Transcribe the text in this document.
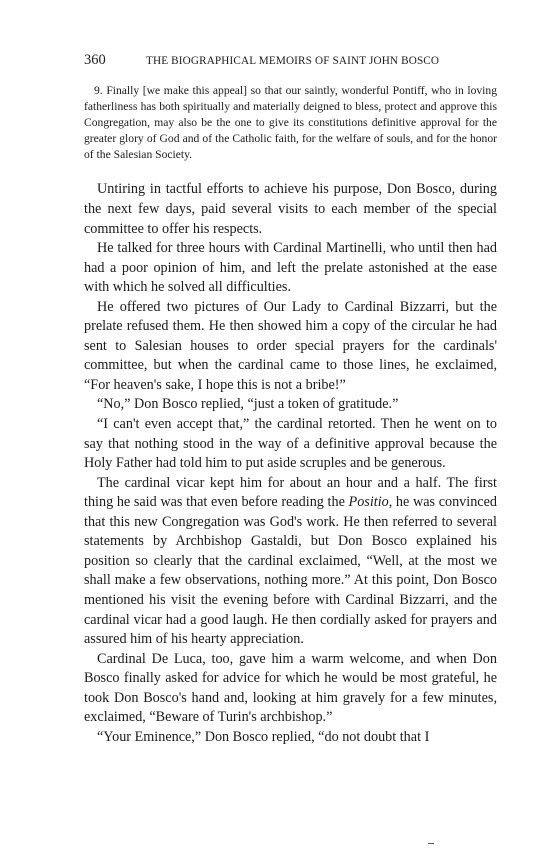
360	THE BIOGRAPHICAL MEMOIRS OF SAINT JOHN BOSCO

9. Finally [we make this appeal] so that our saintly, wonderful Pontiff, who in loving fatherliness has both spiritually and materially deigned to bless, protect and approve this Congregation, may also be the one to give its constitutions definitive approval for the greater glory of God and of the Catholic faith, for the welfare of souls, and for the honor of the Salesian Society.

Untiring in tactful efforts to achieve his purpose, Don Bosco, during the next few days, paid several visits to each member of the special committee to offer his respects.

He talked for three hours with Cardinal Martinelli, who until then had had a poor opinion of him, and left the prelate astonished at the ease with which he solved all difficulties.

He offered two pictures of Our Lady to Cardinal Bizzarri, but the prelate refused them. He then showed him a copy of the circular he had sent to Salesian houses to order special prayers for the cardinals' committee, but when the cardinal came to those lines, he exclaimed, “For heaven's sake, I hope this is not a bribe!”

“No,” Don Bosco replied, “just a token of gratitude.”

“I can't even accept that,” the cardinal retorted. Then he went on to say that nothing stood in the way of a definitive approval because the Holy Father had told him to put aside scruples and be generous.

The cardinal vicar kept him for about an hour and a half. The first thing he said was that even before reading the Positio, he was convinced that this new Congregation was God's work. He then referred to several statements by Archbishop Gastaldi, but Don Bosco explained his position so clearly that the cardinal exclaimed, “Well, at the most we shall make a few observations, nothing more.” At this point, Don Bosco mentioned his visit the evening before with Cardinal Bizzarri, and the cardinal vicar had a good laugh. He then cordially asked for prayers and assured him of his hearty appreciation.

Cardinal De Luca, too, gave him a warm welcome, and when Don Bosco finally asked for advice for which he would be most grateful, he took Don Bosco's hand and, looking at him gravely for a few minutes, exclaimed, “Beware of Turin's archbishop.”

“Your Eminence,” Don Bosco replied, “do not doubt that I
